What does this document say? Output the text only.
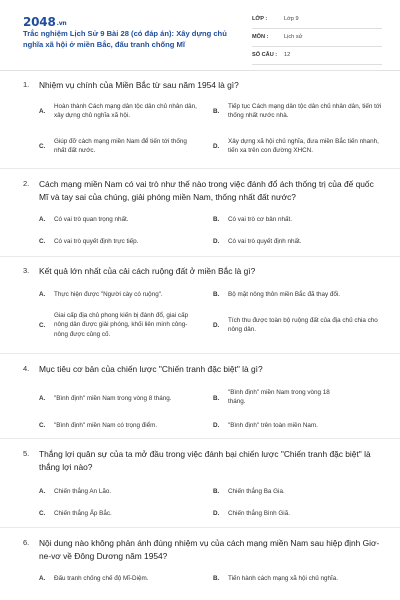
2048.vn
Trắc nghiệm Lịch Sử 9 Bài 28 (có đáp án): Xây dựng chủ nghĩa xã hội ở miền Bắc, đấu tranh chống Mĩ
LỚP :	Lớp 9
MÔN :	Lịch sử
SỐ CÂU : 12
1. Nhiệm vụ chính của Miền Bắc từ sau năm 1954 là gì?
A.
Hoàn thành Cách mạng dân tộc dân chủ nhân dân, xây dựng chủ nghĩa xã hội.
B.
Tiếp tục Cách mạng dân tộc dân chủ nhân dân, tiến tới thống nhất nước nhà.
C.
Giúp đỡ cách mạng miền Nam để tiến tới thống nhất đất nước.
D.
Xây dựng xã hội chủ nghĩa, đưa miền Bắc tiến nhanh, tiến xa trên con đường XHCN.
2. Cách mạng miền Nam có vai trò như thế nào trong việc đánh đổ ách thống trị của đế quốc Mĩ và tay sai của chúng, giải phóng miền Nam, thống nhất đất nước?
A. Có vai trò quan trọng nhất.	B. Có vai trò cơ bản nhất.
C. Có vai trò quyết định trực tiếp.	D. Có vai trò quyết định nhất.
3. Kết quả lớn nhất của cải cách ruộng đất ở miền Bắc là gì?
A. Thực hiện được "Người cày có ruộng".	B. Bộ mặt nông thôn miền Bắc đã thay đổi.
C.
Giai cấp địa chủ phong kiến bị đánh đổ, giai cấp nông dân được giải phóng, khối liên minh công-nông được củng cố.
D.
Tích thu được toàn bộ ruộng đất của địa chủ chia cho nông dân.
4. Mục tiêu cơ bản của chiến lược "Chiến tranh đặc biệt" là gì?
A. "Bình định" miền Nam trong vòng 8 tháng.	B.
"Bình định" miền Nam trong vòng 18 tháng.
C. "Bình định" miền Nam có trọng điểm.	D. "Bình định" trên toàn miền Nam.
5. Thắng lợi quân sự của ta mở đầu trong việc đánh bại chiến lược "Chiến tranh đặc biệt" là thắng lợi nào?
A. Chiến thắng An Lão.	B. Chiến thắng Ba Gia.
C. Chiến thắng Ấp Bắc.	D. Chiến thắng Bình Giã.
6. Nội dung nào không phản ánh đúng nhiệm vụ của cách mạng miền Nam sau hiệp định Giơ-ne-vơ về Đông Dương năm 1954?
A. Đấu tranh chống chế độ Mĩ-Diệm.	B. Tiến hành cách mạng xã hội chủ nghĩa.
